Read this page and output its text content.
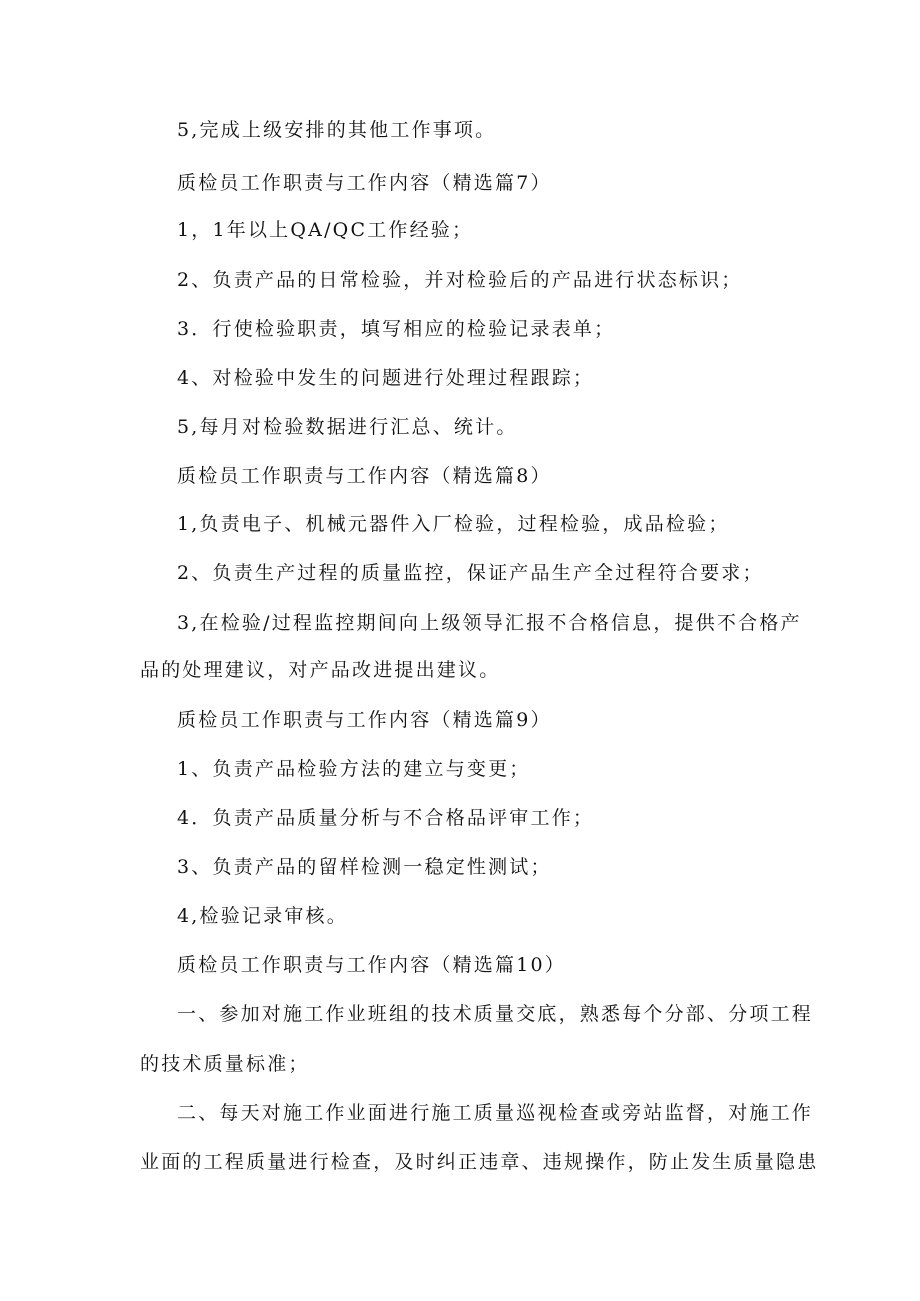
5,完成上级安排的其他工作事项。
质检员工作职责与工作内容（精选篇7）
1，1年以上QA/QC工作经验；
2、负责产品的日常检验，并对检验后的产品进行状态标识；
3．行使检验职责，填写相应的检验记录表单；
4、对检验中发生的问题进行处理过程跟踪；
5,每月对检验数据进行汇总、统计。
质检员工作职责与工作内容（精选篇8）
1,负责电子、机械元器件入厂检验，过程检验，成品检验；
2、负责生产过程的质量监控，保证产品生产全过程符合要求；
3,在检验/过程监控期间向上级领导汇报不合格信息，提供不合格产
品的处理建议，对产品改进提出建议。
质检员工作职责与工作内容（精选篇9）
1、负责产品检验方法的建立与变更；
4．负责产品质量分析与不合格品评审工作；
3、负责产品的留样检测一稳定性测试；
4,检验记录审核。
质检员工作职责与工作内容（精选篇10）
一、参加对施工作业班组的技术质量交底，熟悉每个分部、分项工程
的技术质量标准；
二、每天对施工作业面进行施工质量巡视检查或旁站监督，对施工作
业面的工程质量进行检查，及时纠正违章、违规操作，防止发生质量隐患
